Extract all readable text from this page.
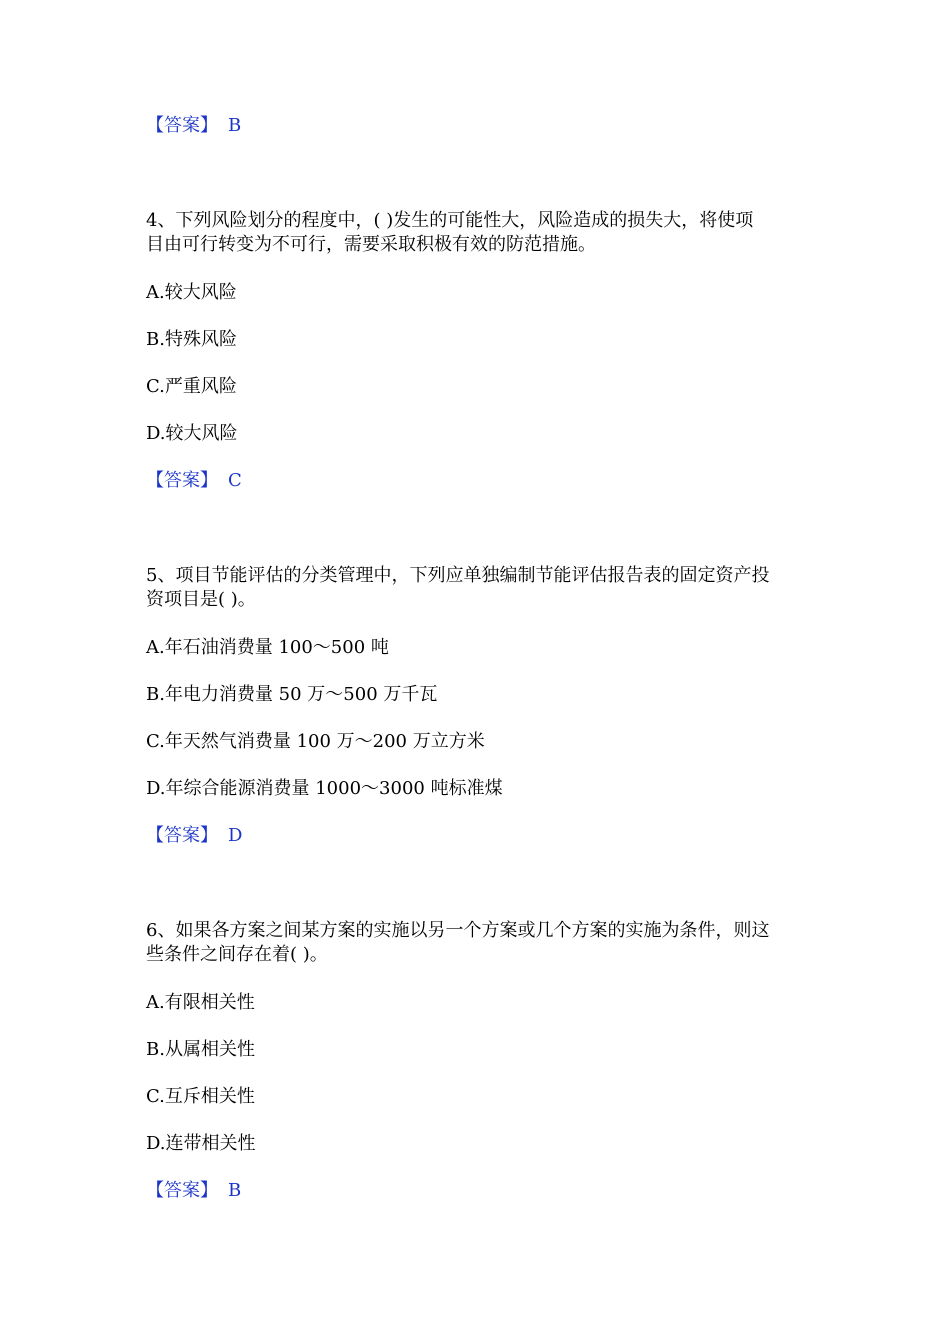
【答案】 B
4、下列风险划分的程度中，( )发生的可能性大，风险造成的损失大，将使项
目由可行转变为不可行，需要采取积极有效的防范措施。
A.较大风险
B.特殊风险
C.严重风险
D.较大风险
【答案】 C
5、项目节能评估的分类管理中，下列应单独编制节能评估报告表的固定资产投
资项目是( )。
A.年石油消费量 100～500 吨
B.年电力消费量 50 万～500 万千瓦
C.年天然气消费量 100 万～200 万立方米
D.年综合能源消费量 1000～3000 吨标准煤
【答案】 D
6、如果各方案之间某方案的实施以另一个方案或几个方案的实施为条件，则这
些条件之间存在着( )。
A.有限相关性
B.从属相关性
C.互斥相关性
D.连带相关性
【答案】 B
